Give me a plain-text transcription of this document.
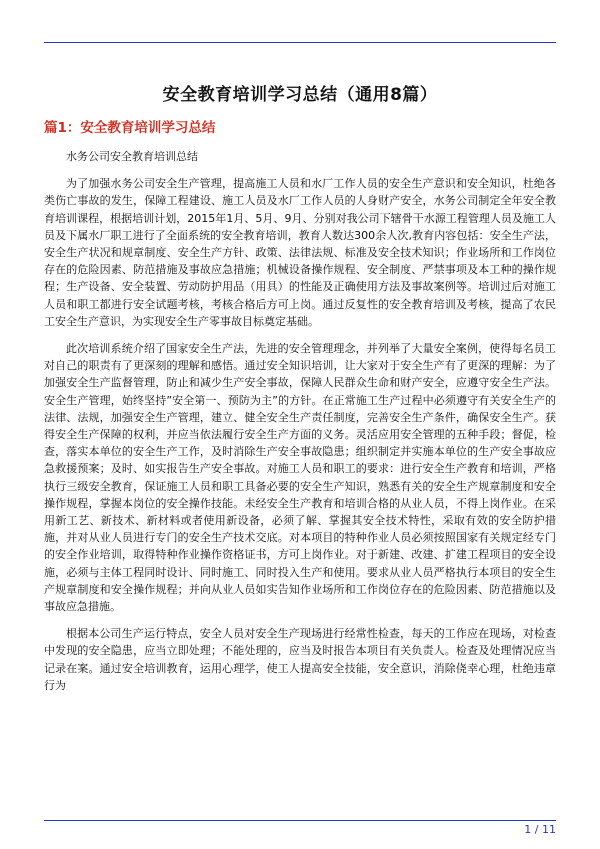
安全教育培训学习总结（通用8篇）
篇1：安全教育培训学习总结

水务公司安全教育培训总结

为了加强水务公司安全生产管理，提高施工人员和水厂工作人员的安全生产意识和安全知识，杜绝各类伤亡事故的发生，保障工程建设、施工人员及水厂工作人员的人身财产安全，水务公司制定全年安全教育培训课程，根据培训计划，2015年1月、5月、9月、分别对我公司下辖骨干水源工程管理人员及施工人员及下属水厂职工进行了全面系统的安全教育培训，教育人数达300余人次,教育内容包括：安全生产法，安全生产状况和规章制度、安全生产方针、政策、法律法规、标准及安全技术知识；作业场所和工作岗位存在的危险因素、防范措施及事故应急措施；机械设备操作规程、安全制度、严禁事项及本工种的操作规程；生产设备、安全装置、劳动防护用品（用具）的性能及正确使用方法及事故案例等。培训过后对施工人员和职工都进行安全试题考核，考核合格后方可上岗。通过反复性的安全教育培训及考核，提高了农民工安全生产意识，为实现安全生产零事故目标奠定基础。

此次培训系统介绍了国家安全生产法，先进的安全管理理念，并列举了大量安全案例，使得每名员工对自己的职责有了更深刻的理解和感悟。通过安全知识培训，让大家对于安全生产有了更深的理解：为了加强安全生产监督管理，防止和减少生产安全事故，保障人民群众生命和财产安全，应遵守安全生产法。安全生产管理，始终坚持”安全第一、预防为主”的方针。在正常施工生产过程中必须遵守有关安全生产的法律、法规，加强安全生产管理，建立、健全安全生产责任制度，完善安全生产条件，确保安全生产。获得安全生产保障的权利，并应当依法履行安全生产方面的义务。灵活应用安全管理的五种手段；督促，检查，落实本单位的安全生产工作，及时消除生产安全事故隐患；组织制定并实施本单位的生产安全事故应急救援预案；及时、如实报告生产安全事故。对施工人员和职工的要求：进行安全生产教育和培训，严格执行三级安全教育，保证施工人员和职工具备必要的安全生产知识，熟悉有关的安全生产规章制度和安全操作规程，掌握本岗位的安全操作技能。未经安全生产教育和培训合格的从业人员，不得上岗作业。在采用新工艺、新技术、新材料或者使用新设备，必须了解、掌握其安全技术特性，采取有效的安全防护措施，并对从业人员进行专门的安全生产技术交底。对本项目的特种作业人员必须按照国家有关规定经专门的安全作业培训，取得特种作业操作资格证书，方可上岗作业。对于新建、改建、扩建工程项目的安全设施，必须与主体工程同时设计、同时施工、同时投入生产和使用。要求从业人员严格执行本项目的安全生产规章制度和安全操作规程；并向从业人员如实告知作业场所和工作岗位存在的危险因素、防范措施以及事故应急措施。

根据本公司生产运行特点，安全人员对安全生产现场进行经常性检查，每天的工作应在现场，对检查中发现的安全隐患，应当立即处理；不能处理的，应当及时报告本项目有关负责人。检查及处理情况应当记录在案。通过安全培训教育，运用心理学，使工人提高安全技能，安全意识，消除侥幸心理，杜绝违章行为

1 / 11
